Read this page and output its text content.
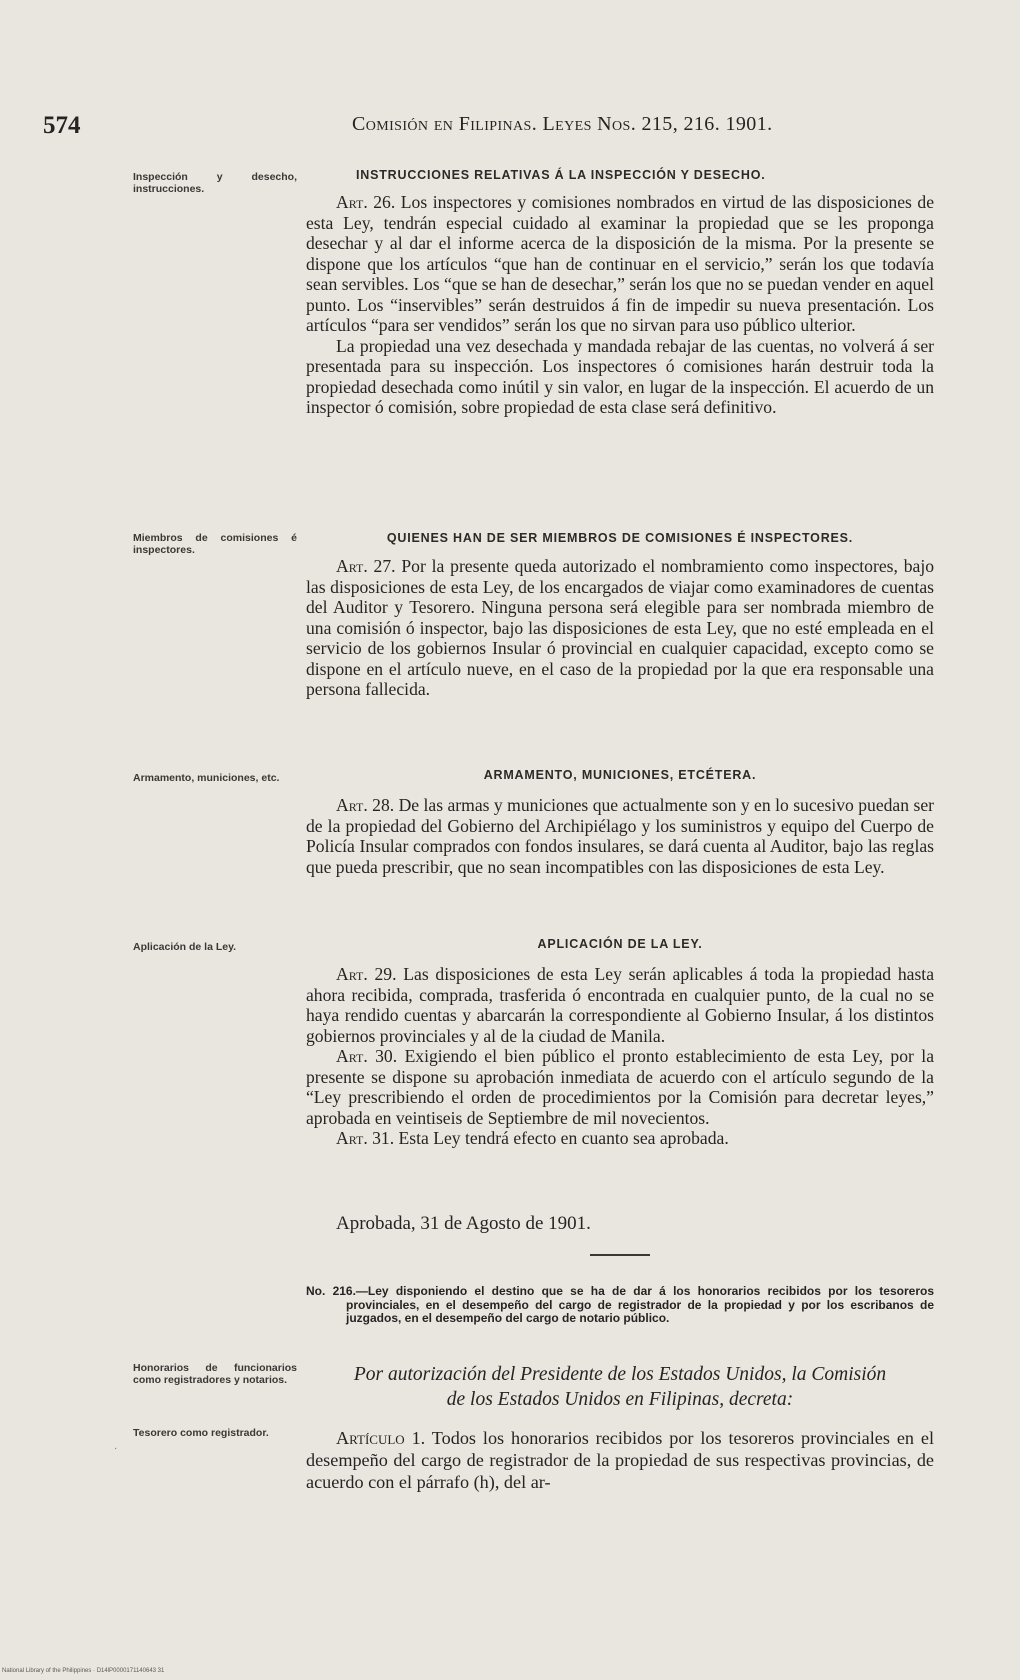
574	Comisión en Filipinas. Leyes Nos. 215, 216. 1901.
Inspección y desecho, instrucciones.
Miembros de comisiones é inspectores.
Armamento, municiones, etc.
Aplicación de la Ley.
Honorarios de funcionarios como registradores y notarios.
Tesorero como registrador.
INSTRUCCIONES RELATIVAS Á LA INSPECCIÓN Y DESECHO.

Art. 26. Los inspectores y comisiones nombrados en virtud de las disposiciones de esta Ley, tendrán especial cuidado al examinar la propiedad que se les proponga desechar y al dar el informe acerca de la disposición de la misma. Por la presente se dispone que los artículos “que han de continuar en el servicio,” serán los que todavía sean servibles. Los “que se han de desechar,” serán los que no se puedan vender en aquel punto. Los “inservibles” serán destruidos á fin de impedir su nueva presentación. Los artículos “para ser vendidos” serán los que no sirvan para uso público ulterior.

La propiedad una vez desechada y mandada rebajar de las cuentas, no volverá á ser presentada para su inspección. Los inspectores ó comisiones harán destruir toda la propiedad desechada como inútil y sin valor, en lugar de la inspección. El acuerdo de un inspector ó comisión, sobre propiedad de esta clase será definitivo.

QUIENES HAN DE SER MIEMBROS DE COMISIONES É INSPECTORES.

Art. 27. Por la presente queda autorizado el nombramiento como inspectores, bajo las disposiciones de esta Ley, de los encargados de viajar como examinadores de cuentas del Auditor y Tesorero. Ninguna persona será elegible para ser nombrada miembro de una comisión ó inspector, bajo las disposiciones de esta Ley, que no esté empleada en el servicio de los gobiernos Insular ó provincial en cualquier capacidad, excepto como se dispone en el artículo nueve, en el caso de la propiedad por la que era responsable una persona fallecida.

ARMAMENTO, MUNICIONES, ETCÉTERA.

Art. 28. De las armas y municiones que actualmente son y en lo sucesivo puedan ser de la propiedad del Gobierno del Archipiélago y los suministros y equipo del Cuerpo de Policía Insular comprados con fondos insulares, se dará cuenta al Auditor, bajo las reglas que pueda prescribir, que no sean incompatibles con las disposiciones de esta Ley.

APLICACIÓN DE LA LEY.

Art. 29. Las disposiciones de esta Ley serán aplicables á toda la propiedad hasta ahora recibida, comprada, trasferida ó encontrada en cualquier punto, de la cual no se haya rendido cuentas y abarcarán la correspondiente al Gobierno Insular, á los distintos gobiernos provinciales y al de la ciudad de Manila.

Art. 30. Exigiendo el bien público el pronto establecimiento de esta Ley, por la presente se dispone su aprobación inmediata de acuerdo con el artículo segundo de la “Ley prescribiendo el orden de procedimientos por la Comisión para decretar leyes,” aprobada en veintiseis de Septiembre de mil novecientos.

Art. 31. Esta Ley tendrá efecto en cuanto sea aprobada.

Aprobada, 31 de Agosto de 1901.
No. 216.—Ley disponiendo el destino que se ha de dar á los honorarios recibidos por los tesoreros provinciales, en el desempeño del cargo de registrador de la propiedad y por los escribanos de juzgados, en el desempeño del cargo de notario público.
Por autorización del Presidente de los Estados Unidos, la Comisión
de los Estados Unidos en Filipinas, decreta:

Artículo 1. Todos los honorarios recibidos por los tesoreros provinciales en el desempeño del cargo de registrador de la propiedad de sus respectivas provincias, de acuerdo con el párrafo (h), del ar-

·
National Library of the Philippines · D14lP0000171140643 31
